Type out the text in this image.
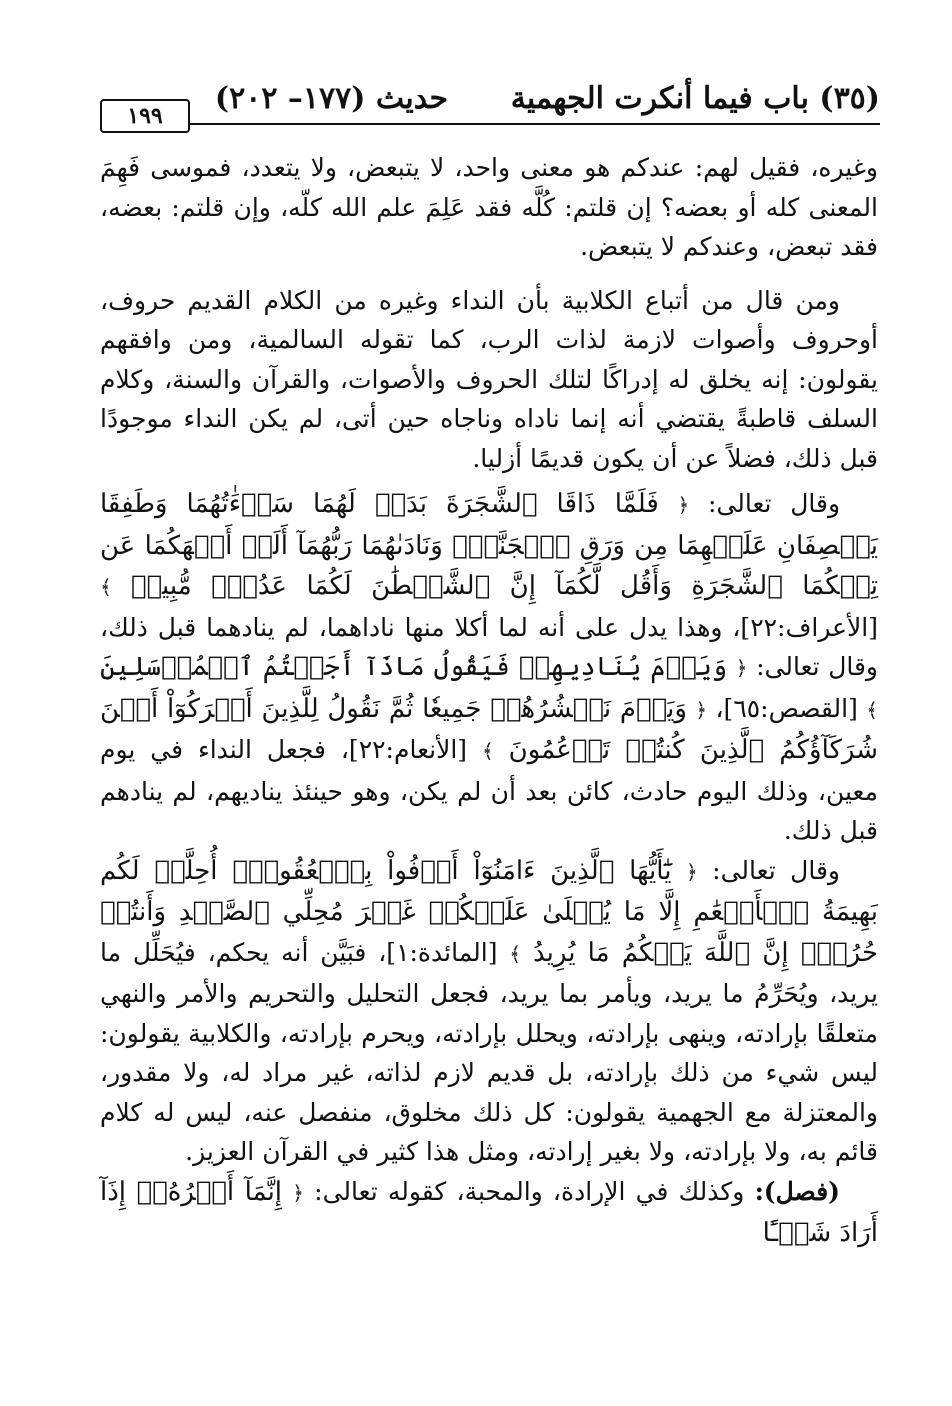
(٣٥) باب فيما أنكرت الجهمية
حديث (١٧٧– ٢٠٢)
١٩٩

وغيره، فقيل لهم: عندكم هو معنى واحد، لا يتبعض، ولا يتعدد، فموسى فَهِمَ المعنى كله أو بعضه؟ إن قلتم: كُلَّه فقد عَلِمَ علم الله كلّه، وإن قلتم: بعضه، فقد تبعض، وعندكم لا يتبعض.

ومن قال من أتباع الكلابية بأن النداء وغيره من الكلام القديم حروف، أوحروف وأصوات لازمة لذات الرب، كما تقوله السالمية، ومن وافقهم يقولون: إنه يخلق له إدراكًا لتلك الحروف والأصوات، والقرآن والسنة، وكلام السلف قاطبةً يقتضي أنه إنما ناداه وناجاه حين أتى، لم يكن النداء موجودًا قبل ذلك، فضلاً عن أن يكون قديمًا أزليا.

وقال تعالى: ﴿ فَلَمَّا ذَاقَا ٱلشَّجَرَةَ بَدَتۡ لَهُمَا سَوۡءَٰتُهُمَا وَطَفِقَا يَخۡصِفَانِ عَلَيۡهِمَا مِن وَرَقِ ٱلۡجَنَّةِۖ وَنَادَىٰهُمَا رَبُّهُمَآ أَلَمۡ أَنۡهَكُمَا عَن تِلۡكُمَا ٱلشَّجَرَةِ وَأَقُل لَّكُمَآ إِنَّ ٱلشَّيۡطَٰنَ لَكُمَا عَدُوّٞ مُّبِينٞ ﴾ [الأعراف:٢٢]، وهذا يدل على أنه لما أكلا منها ناداهما، لم ينادهما قبل ذلك، وقال تعالى: ﴿ وَيَوۡمَ يُنَادِيهِمۡ فَيَقُولُ مَاذَآ أَجَبۡتُمُ ٱلۡمُرۡسَلِينَ ﴾ [القصص:٦٥]، ﴿ وَيَوۡمَ نَحۡشُرُهُمۡ جَمِيعٗا ثُمَّ نَقُولُ لِلَّذِينَ أَشۡرَكُوٓاْ أَيۡنَ شُرَكَآؤُكُمُ ٱلَّذِينَ كُنتُمۡ تَزۡعُمُونَ ﴾ [الأنعام:٢٢]، فجعل النداء في يوم معين، وذلك اليوم حادث، كائن بعد أن لم يكن، وهو حينئذ يناديهم، لم ينادهم قبل ذلك.

وقال تعالى: ﴿ يَٰٓأَيُّهَا ٱلَّذِينَ ءَامَنُوٓاْ أَوۡفُواْ بِٱلۡعُقُودِۚ أُحِلَّتۡ لَكُم بَهِيمَةُ ٱلۡأَنۡعَٰمِ إِلَّا مَا يُتۡلَىٰ عَلَيۡكُمۡ غَيۡرَ مُحِلِّي ٱلصَّيۡدِ وَأَنتُمۡ حُرُمٌۗ إِنَّ ٱللَّهَ يَحۡكُمُ مَا يُرِيدُ ﴾ [المائدة:١]، فبَيَّن أنه يحكم، فيُحَلِّل ما يريد، ويُحَرِّمُ ما يريد، ويأمر بما يريد، فجعل التحليل والتحريم والأمر والنهي متعلقًا بإرادته، وينهى بإرادته، ويحلل بإرادته، ويحرم بإرادته، والكلابية يقولون: ليس شيء من ذلك بإرادته، بل قديم لازم لذاته، غير مراد له، ولا مقدور، والمعتزلة مع الجهمية يقولون: كل ذلك مخلوق، منفصل عنه، ليس له كلام قائم به، ولا بإرادته، ولا بغير إرادته، ومثل هذا كثير في القرآن العزيز.

(فصل): وكذلك في الإرادة، والمحبة، كقوله تعالى: ﴿ إِنَّمَآ أَمۡرُهُۥٓ إِذَآ أَرَادَ شَيۡـًٔا
